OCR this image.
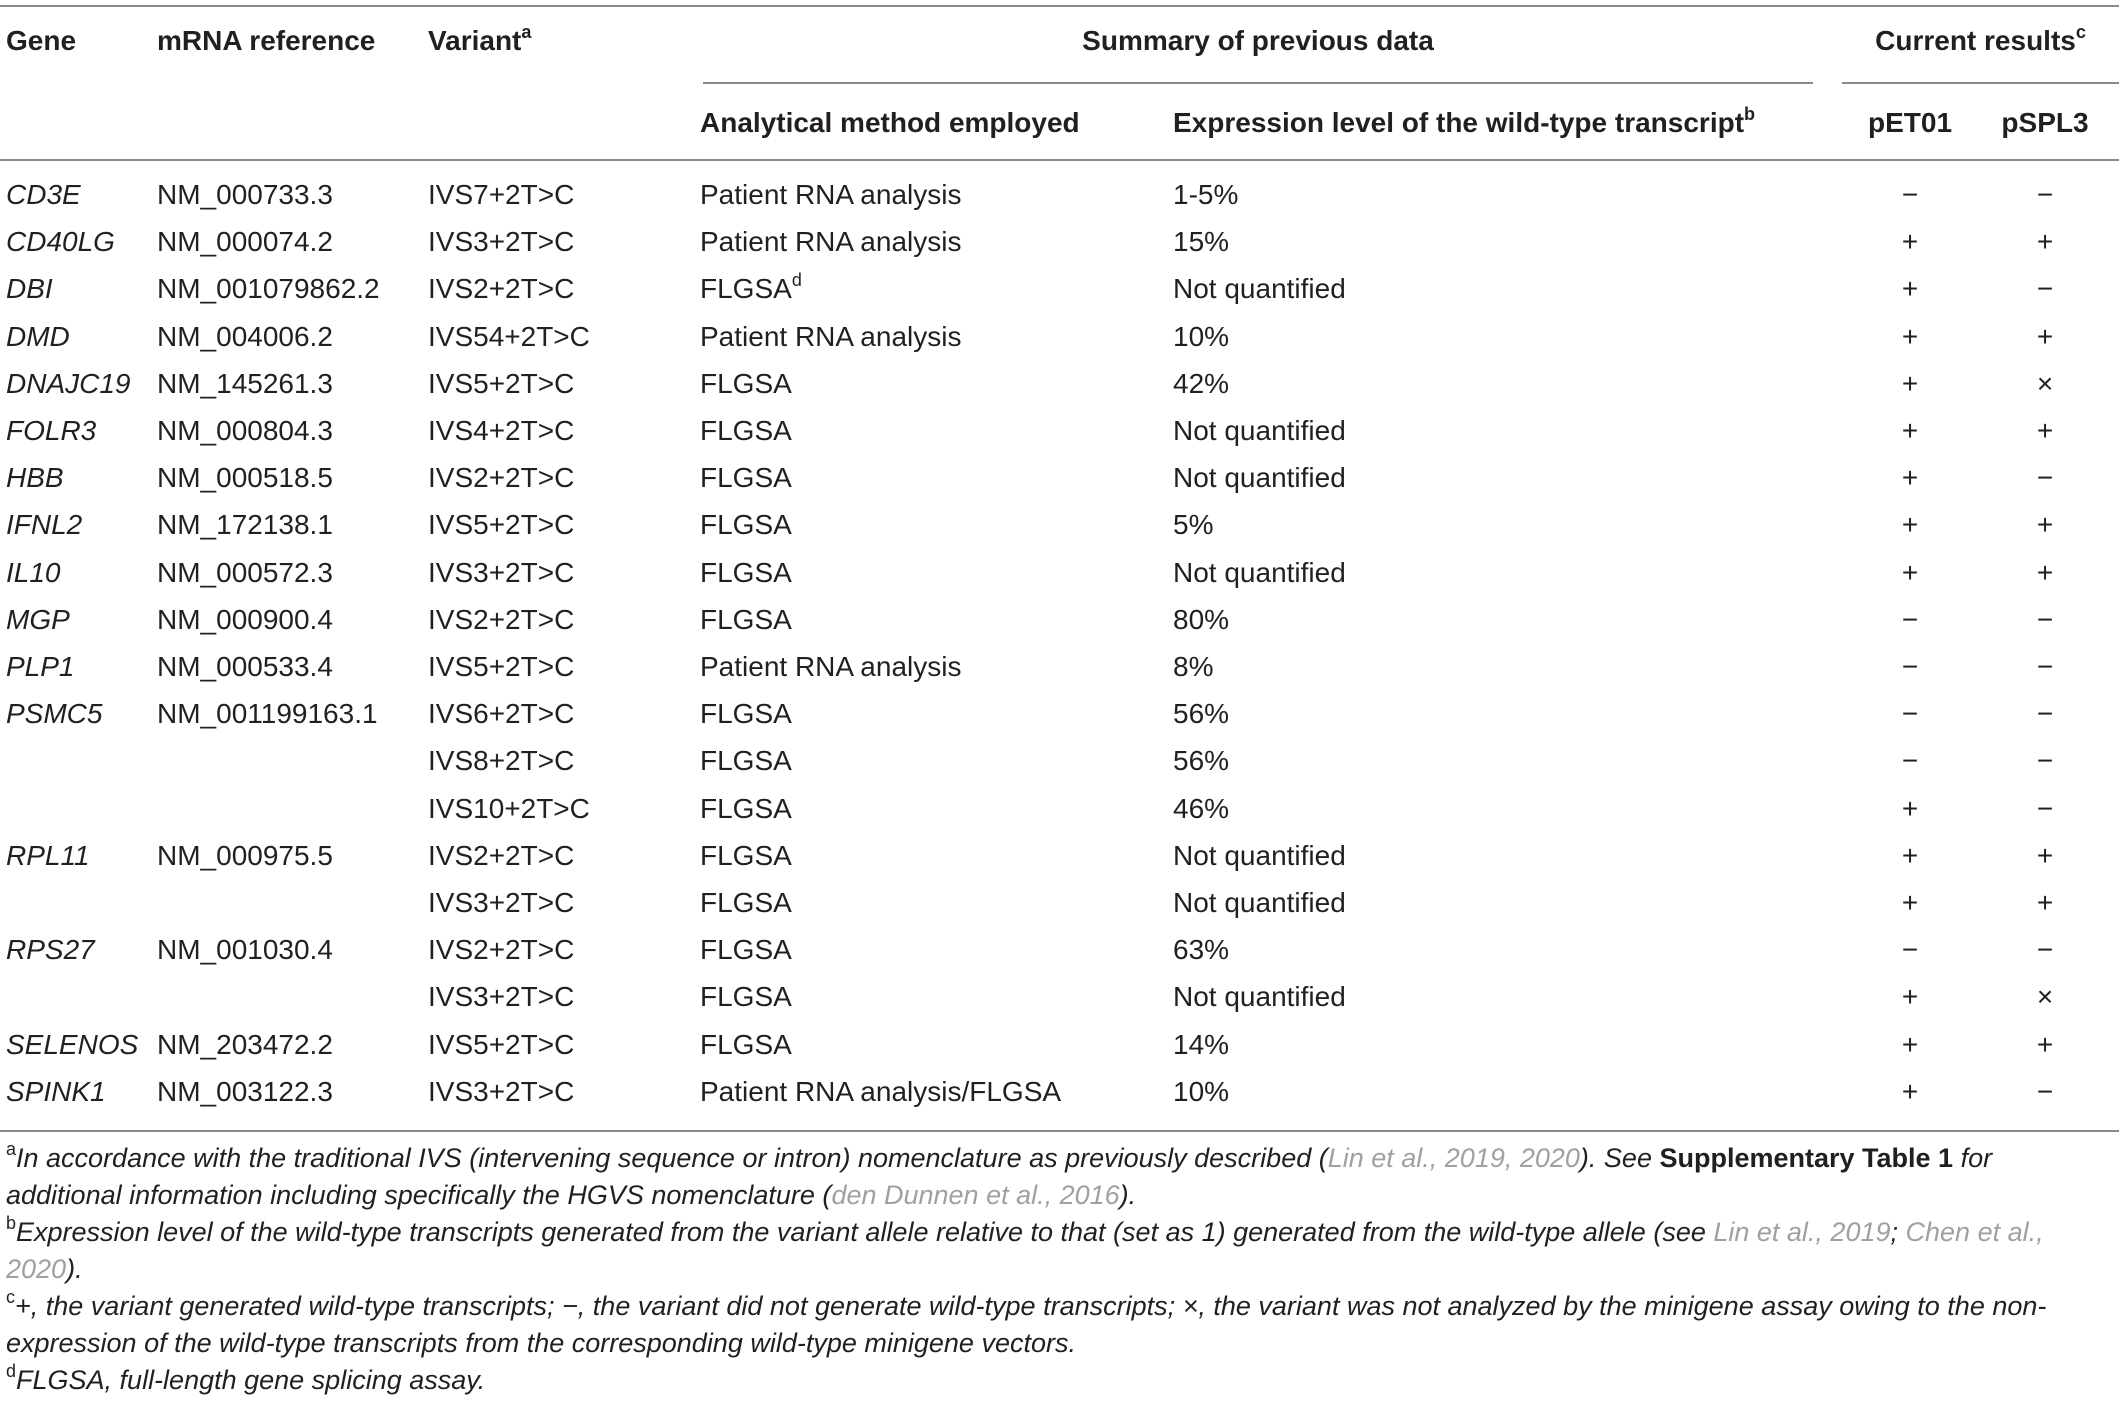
Gene	mRNA reference Variant$^a$	Summary of previous data	Current results$^c$
Analytical method employed	Expression level of the wild-type transcript$^b$	pET01 pSPL3
CD3E	NM_000733.3	IVS7+2T>C	Patient RNA analysis	1-5%	−	−
CD40LG NM_000074.2	IVS3+2T>C	Patient RNA analysis	15%	+	+
DBI	NM_001079862.2 IVS2+2T>C	FLGSA$^d$	Not quantified	+	−
DMD	NM_004006.2	IVS54+2T>C	Patient RNA analysis	10%	+	+
DNAJC19 NM_145261.3	IVS5+2T>C	FLGSA	42%	+	×
FOLR3 NM_000804.3	IVS4+2T>C	FLGSA	Not quantified	+	+
HBB	NM_000518.5	IVS2+2T>C	FLGSA	Not quantified	+	−
IFNL2	NM_172138.1	IVS5+2T>C	FLGSA	5%	+	+
IL10	NM_000572.3	IVS3+2T>C	FLGSA	Not quantified	+	+
MGP	NM_000900.4	IVS2+2T>C	FLGSA	80%	−	−
PLP1	NM_000533.4	IVS5+2T>C	Patient RNA analysis	8%	−	−
PSMC5 NM_001199163.1 IVS6+2T>C	FLGSA	56%	−	−
IVS8+2T>C	FLGSA	56%	−	−
IVS10+2T>C	FLGSA	46%	+	−
RPL11 NM_000975.5	IVS2+2T>C	FLGSA	Not quantified	+	+
IVS3+2T>C	FLGSA	Not quantified	+	+
RPS27 NM_001030.4	IVS2+2T>C	FLGSA	63%	−	−
IVS3+2T>C	FLGSA	Not quantified	+	×
SELENOS NM_203472.2	IVS5+2T>C	FLGSA	14%	+	+
SPINK1 NM_003122.3	IVS3+2T>C	Patient RNA analysis/FLGSA	10%	+	−
$^a$In accordance with the traditional IVS (intervening sequence or intron) nomenclature as previously described (Lin et al., 2019, 2020). See Supplementary Table 1 for additional information including specifically the HGVS nomenclature (den Dunnen et al., 2016).
$^b$Expression level of the wild-type transcripts generated from the variant allele relative to that (set as 1) generated from the wild-type allele (see Lin et al., 2019; Chen et al., 2020).
$^c$+, the variant generated wild-type transcripts; −, the variant did not generate wild-type transcripts; ×, the variant was not analyzed by the minigene assay owing to the non-expression of the wild-type transcripts from the corresponding wild-type minigene vectors.
$^d$FLGSA, full-length gene splicing assay.
